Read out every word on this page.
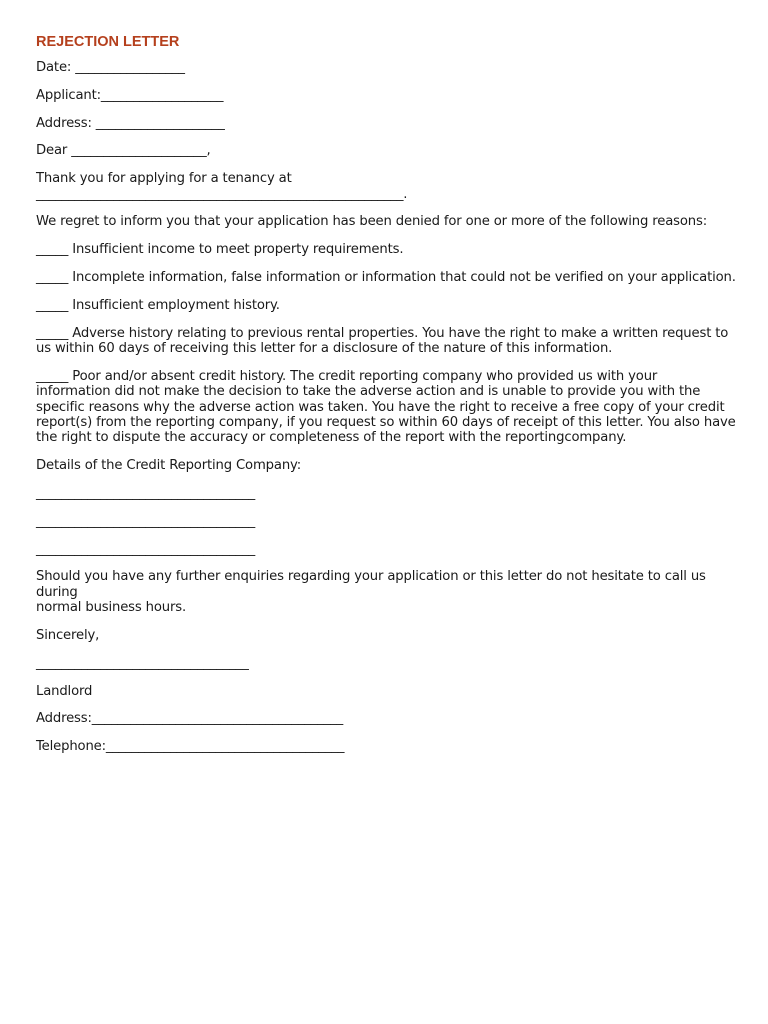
REJECTION LETTER
Date: _________________
Applicant:___________________
Address: ____________________
Dear _____________________,
Thank you for applying for a tenancy at
_________________________________________________________.
We regret to inform you that your application has been denied for one or more of the following reasons:
_____ Insufficient income to meet property requirements.
_____ Incomplete information, false information or information that could not be verified on your application.
_____ Insufficient employment history.
_____ Adverse history relating to previous rental properties. You have the right to make a written request to
us within 60 days of receiving this letter for a disclosure of the nature of this information.
_____ Poor and/or absent credit history. The credit reporting company who provided us with your
information did not make the decision to take the adverse action and is unable to provide you with the
specific reasons why the adverse action was taken. You have the right to receive a free copy of your credit
report(s) from the reporting company, if you request so within 60 days of receipt of this letter. You also have
the right to dispute the accuracy or completeness of the report with the reportingcompany.
Details of the Credit Reporting Company:
__________________________________
__________________________________
__________________________________
Should you have any further enquiries regarding your application or this letter do not hesitate to call us during
normal business hours.
Sincerely,
_________________________________
Landlord
Address:_______________________________________
Telephone:_____________________________________
